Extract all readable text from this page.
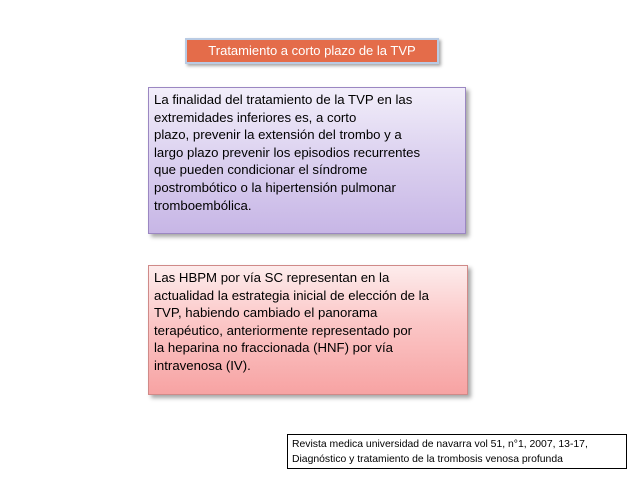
Tratamiento a corto plazo de la TVP
La finalidad del tratamiento de la TVP en las
extremidades inferiores es, a corto
plazo, prevenir la extensión del trombo y a
largo plazo prevenir los episodios recurrentes
que pueden condicionar el síndrome
postrombótico o la hipertensión pulmonar
tromboembólica.
Las HBPM por vía SC representan en la
actualidad la estrategia inicial de elección de la
TVP, habiendo cambiado el panorama
terapéutico, anteriormente representado por
la heparina no fraccionada (HNF) por vía
intravenosa (IV).
Revista medica universidad de navarra vol 51, n°1, 2007, 13-17,
Diagnóstico y tratamiento de la trombosis venosa profunda
